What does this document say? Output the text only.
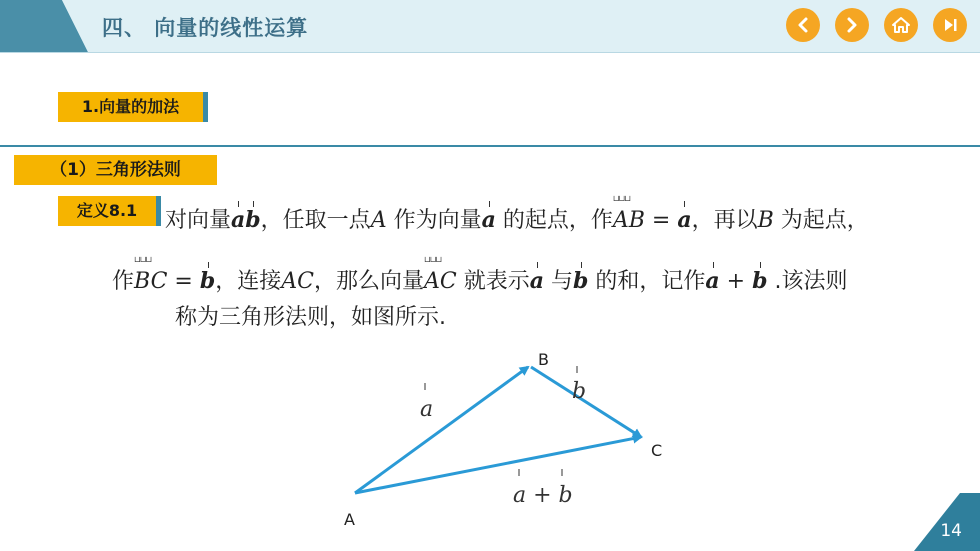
四、 向量的线性运算
1.向量的加法
（1）三角形法则
定义8.1	对向量ab，任取一点A 作为向量a 的起点，作⊔⊔⊔ AB = a，再以B 为起点，
作⊔⊔⊔ BC = b，连接AC，那么向量⊔⊔⊔ AC 就表示a 与b 的和，记作a + b .该法则
称为三角形法则，如图所示.
B
C
A
a
b
a + b
14
